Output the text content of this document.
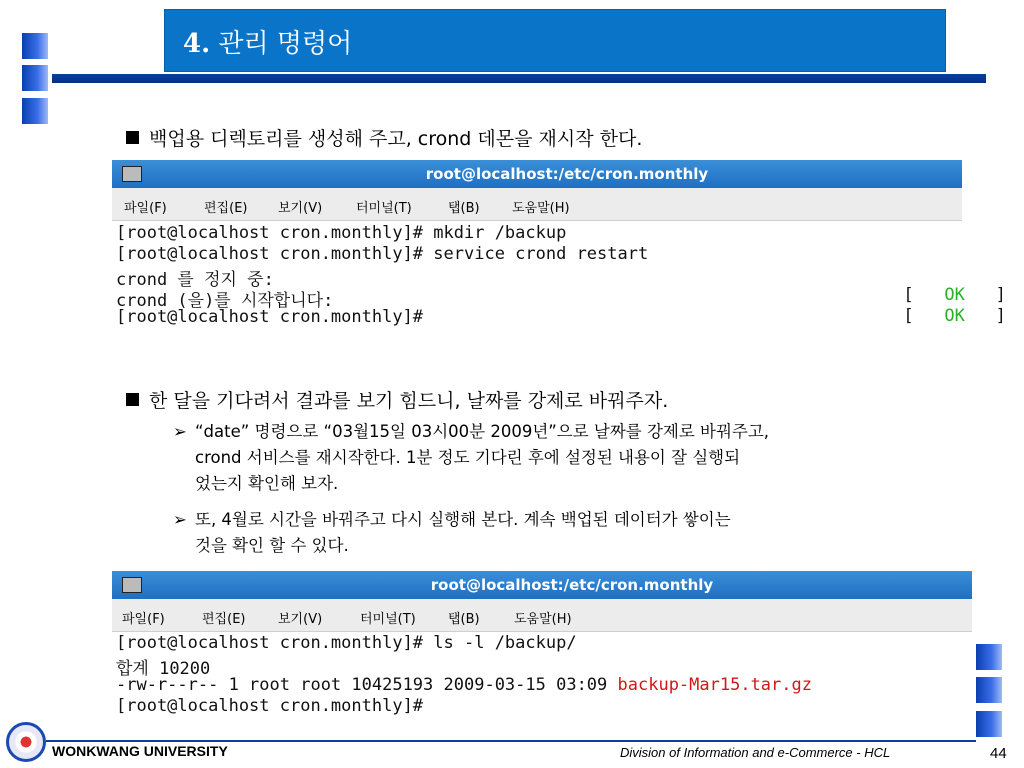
4. 관리 명령어
백업용 디렉토리를 생성해 주고, crond 데몬을 재시작 한다.
root@localhost:/etc/cron.monthly
파일(F)	편집(E) 보기(V)	터미널(T)	탭(B) 도움말(H)
[root@localhost cron.monthly]# mkdir /backup
[root@localhost cron.monthly]# service crond restart
crond 를 정지 중:
crond (을)를 시작합니다:
[root@localhost cron.monthly]#

[ OK ]

[ OK ]

한 달을 기다려서 결과를 보기 힘드니, 날짜를 강제로 바꿔주자.
➢ “date” 명령으로 “03월15일 03시00분 2009년”으로 날짜를 강제로 바꿔주고,
crond 서비스를 재시작한다. 1분 정도 기다린 후에 설정된 내용이 잘 실행되
었는지 확인해 보자.
➢ 또, 4월로 시간을 바꿔주고 다시 실행해 본다. 계속 백업된 데이터가 쌓이는
것을 확인 할 수 있다.
root@localhost:/etc/cron.monthly
파일(F)	편집(E)	보기(V)	터미널(T) 탭(B)	도움말(H)
[root@localhost cron.monthly]# ls -l /backup/
합계 10200
-rw-r--r-- 1 root root 10425193 2009-03-15 03:09 backup-Mar15.tar.gz
[root@localhost cron.monthly]#
WONKWANG UNIVERSITY	Division of Information and e-Commerce - HCL	44
